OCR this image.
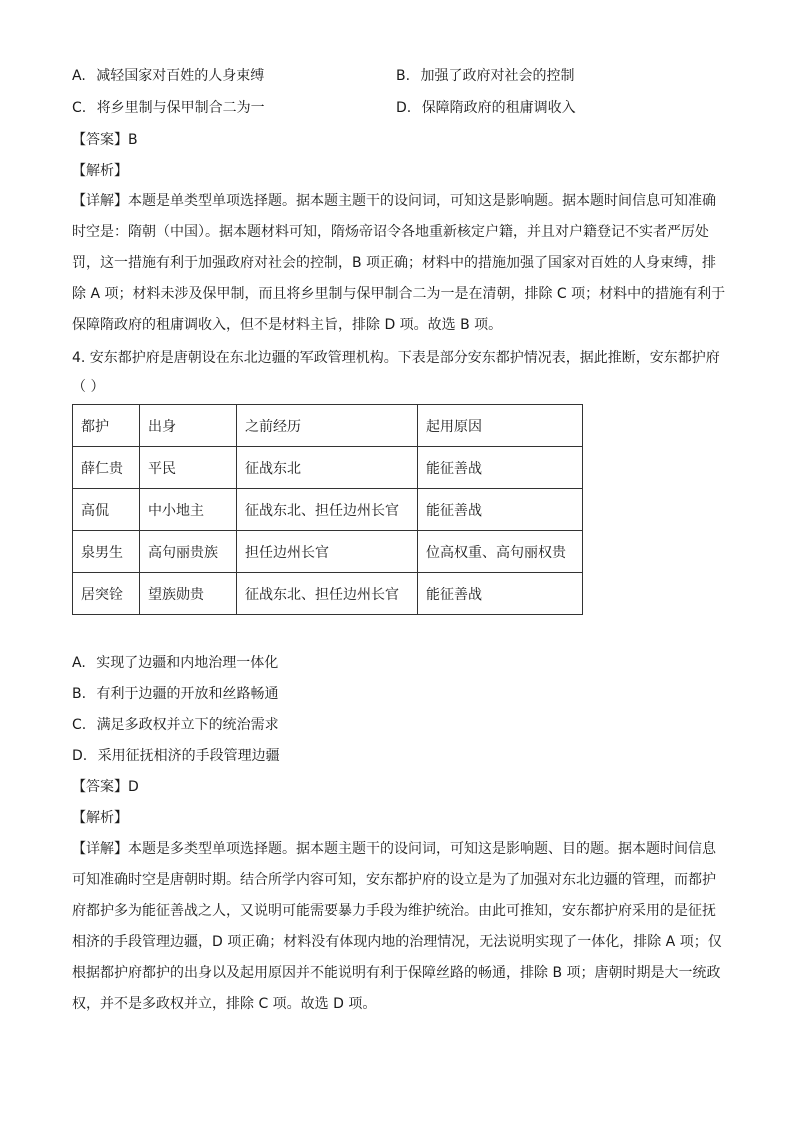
A. 减轻国家对百姓的人身束缚	B. 加强了政府对社会的控制
C. 将乡里制与保甲制合二为一	D. 保障隋政府的租庸调收入
【答案】B
【解析】
【详解】本题是单类型单项选择题。据本题主题干的设问词，可知这是影响题。据本题时间信息可知准确
时空是：隋朝（中国）。据本题材料可知，隋炀帝诏令各地重新核定户籍，并且对户籍登记不实者严厉处
罚，这一措施有利于加强政府对社会的控制，B 项正确；材料中的措施加强了国家对百姓的人身束缚，排
除 A 项；材料未涉及保甲制，而且将乡里制与保甲制合二为一是在清朝，排除 C 项；材料中的措施有利于
保障隋政府的租庸调收入，但不是材料主旨，排除 D 项。故选 B 项。
4. 安东都护府是唐朝设在东北边疆的军政管理机构。下表是部分安东都护情况表，据此推断，安东都护府
（ ）
都护	出身	之前经历	起用原因
薛仁贵	平民	征战东北	能征善战
高侃	中小地主	征战东北、担任边州长官	能征善战
泉男生	高句丽贵族	担任边州长官	位高权重、高句丽权贵
居突铨	望族勋贵	征战东北、担任边州长官	能征善战
A. 实现了边疆和内地治理一体化
B. 有利于边疆的开放和丝路畅通
C. 满足多政权并立下的统治需求
D. 采用征抚相济的手段管理边疆
【答案】D
【解析】
【详解】本题是多类型单项选择题。据本题主题干的设问词，可知这是影响题、目的题。据本题时间信息
可知准确时空是唐朝时期。结合所学内容可知，安东都护府的设立是为了加强对东北边疆的管理，而都护
府都护多为能征善战之人，又说明可能需要暴力手段为维护统治。由此可推知，安东都护府采用的是征抚
相济的手段管理边疆，D 项正确；材料没有体现内地的治理情况，无法说明实现了一体化，排除 A 项；仅
根据都护府都护的出身以及起用原因并不能说明有利于保障丝路的畅通，排除 B 项；唐朝时期是大一统政
权，并不是多政权并立，排除 C 项。故选 D 项。
